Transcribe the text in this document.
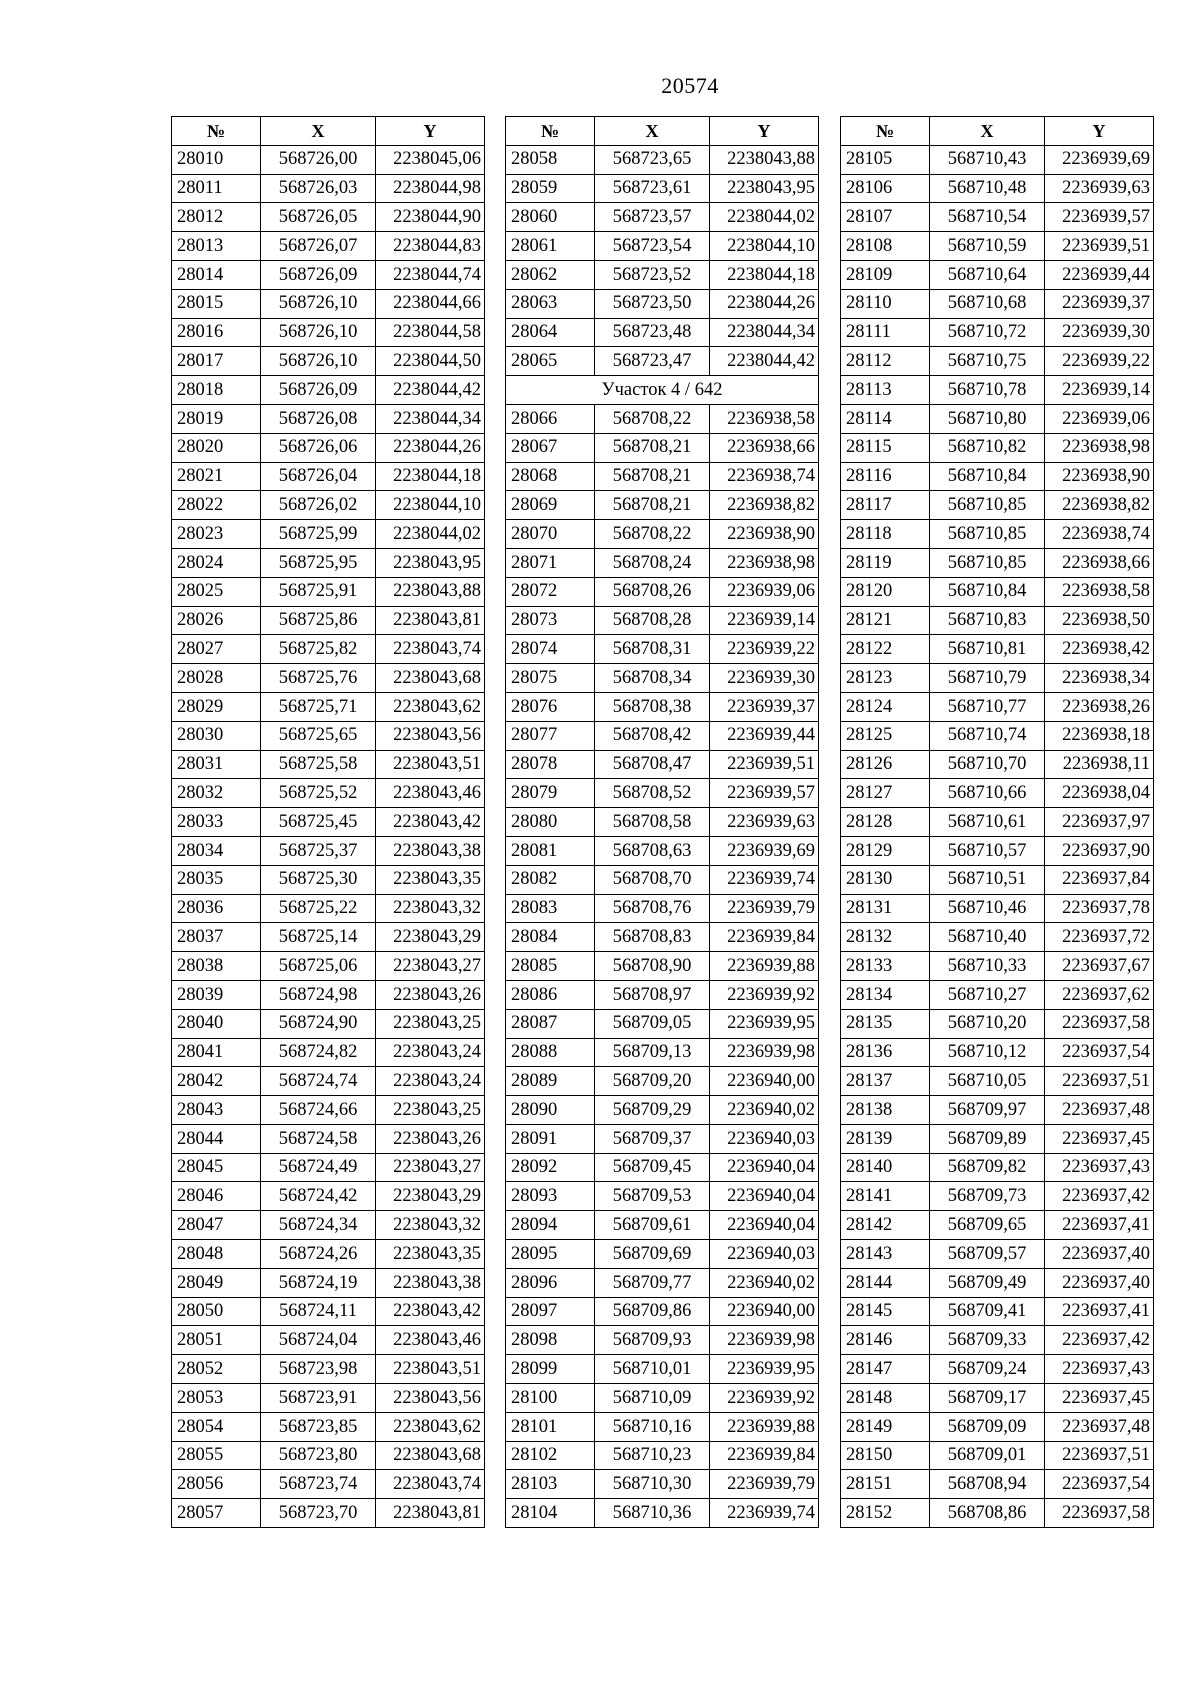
20574
№	X	Y
28010	568726,00	2238045,06
28011	568726,03	2238044,98
28012	568726,05	2238044,90
28013	568726,07	2238044,83
28014	568726,09	2238044,74
28015	568726,10	2238044,66
28016	568726,10	2238044,58
28017	568726,10	2238044,50
28018	568726,09	2238044,42
28019	568726,08	2238044,34
28020	568726,06	2238044,26
28021	568726,04	2238044,18
28022	568726,02	2238044,10
28023	568725,99	2238044,02
28024	568725,95	2238043,95
28025	568725,91	2238043,88
28026	568725,86	2238043,81
28027	568725,82	2238043,74
28028	568725,76	2238043,68
28029	568725,71	2238043,62
28030	568725,65	2238043,56
28031	568725,58	2238043,51
28032	568725,52	2238043,46
28033	568725,45	2238043,42
28034	568725,37	2238043,38
28035	568725,30	2238043,35
28036	568725,22	2238043,32
28037	568725,14	2238043,29
28038	568725,06	2238043,27
28039	568724,98	2238043,26
28040	568724,90	2238043,25
28041	568724,82	2238043,24
28042	568724,74	2238043,24
28043	568724,66	2238043,25
28044	568724,58	2238043,26
28045	568724,49	2238043,27
28046	568724,42	2238043,29
28047	568724,34	2238043,32
28048	568724,26	2238043,35
28049	568724,19	2238043,38
28050	568724,11	2238043,42
28051	568724,04	2238043,46
28052	568723,98	2238043,51
28053	568723,91	2238043,56
28054	568723,85	2238043,62
28055	568723,80	2238043,68
28056	568723,74	2238043,74
28057	568723,70	2238043,81
№	X	Y
28058	568723,65	2238043,88
28059	568723,61	2238043,95
28060	568723,57	2238044,02
28061	568723,54	2238044,10
28062	568723,52	2238044,18
28063	568723,50	2238044,26
28064	568723,48	2238044,34
28065	568723,47	2238044,42
Участок 4 / 642		
28066	568708,22	2236938,58
28067	568708,21	2236938,66
28068	568708,21	2236938,74
28069	568708,21	2236938,82
28070	568708,22	2236938,90
28071	568708,24	2236938,98
28072	568708,26	2236939,06
28073	568708,28	2236939,14
28074	568708,31	2236939,22
28075	568708,34	2236939,30
28076	568708,38	2236939,37
28077	568708,42	2236939,44
28078	568708,47	2236939,51
28079	568708,52	2236939,57
28080	568708,58	2236939,63
28081	568708,63	2236939,69
28082	568708,70	2236939,74
28083	568708,76	2236939,79
28084	568708,83	2236939,84
28085	568708,90	2236939,88
28086	568708,97	2236939,92
28087	568709,05	2236939,95
28088	568709,13	2236939,98
28089	568709,20	2236940,00
28090	568709,29	2236940,02
28091	568709,37	2236940,03
28092	568709,45	2236940,04
28093	568709,53	2236940,04
28094	568709,61	2236940,04
28095	568709,69	2236940,03
28096	568709,77	2236940,02
28097	568709,86	2236940,00
28098	568709,93	2236939,98
28099	568710,01	2236939,95
28100	568710,09	2236939,92
28101	568710,16	2236939,88
28102	568710,23	2236939,84
28103	568710,30	2236939,79
28104	568710,36	2236939,74
№	X	Y
28105	568710,43	2236939,69
28106	568710,48	2236939,63
28107	568710,54	2236939,57
28108	568710,59	2236939,51
28109	568710,64	2236939,44
28110	568710,68	2236939,37
28111	568710,72	2236939,30
28112	568710,75	2236939,22
28113	568710,78	2236939,14
28114	568710,80	2236939,06
28115	568710,82	2236938,98
28116	568710,84	2236938,90
28117	568710,85	2236938,82
28118	568710,85	2236938,74
28119	568710,85	2236938,66
28120	568710,84	2236938,58
28121	568710,83	2236938,50
28122	568710,81	2236938,42
28123	568710,79	2236938,34
28124	568710,77	2236938,26
28125	568710,74	2236938,18
28126	568710,70	2236938,11
28127	568710,66	2236938,04
28128	568710,61	2236937,97
28129	568710,57	2236937,90
28130	568710,51	2236937,84
28131	568710,46	2236937,78
28132	568710,40	2236937,72
28133	568710,33	2236937,67
28134	568710,27	2236937,62
28135	568710,20	2236937,58
28136	568710,12	2236937,54
28137	568710,05	2236937,51
28138	568709,97	2236937,48
28139	568709,89	2236937,45
28140	568709,82	2236937,43
28141	568709,73	2236937,42
28142	568709,65	2236937,41
28143	568709,57	2236937,40
28144	568709,49	2236937,40
28145	568709,41	2236937,41
28146	568709,33	2236937,42
28147	568709,24	2236937,43
28148	568709,17	2236937,45
28149	568709,09	2236937,48
28150	568709,01	2236937,51
28151	568708,94	2236937,54
28152	568708,86	2236937,58
